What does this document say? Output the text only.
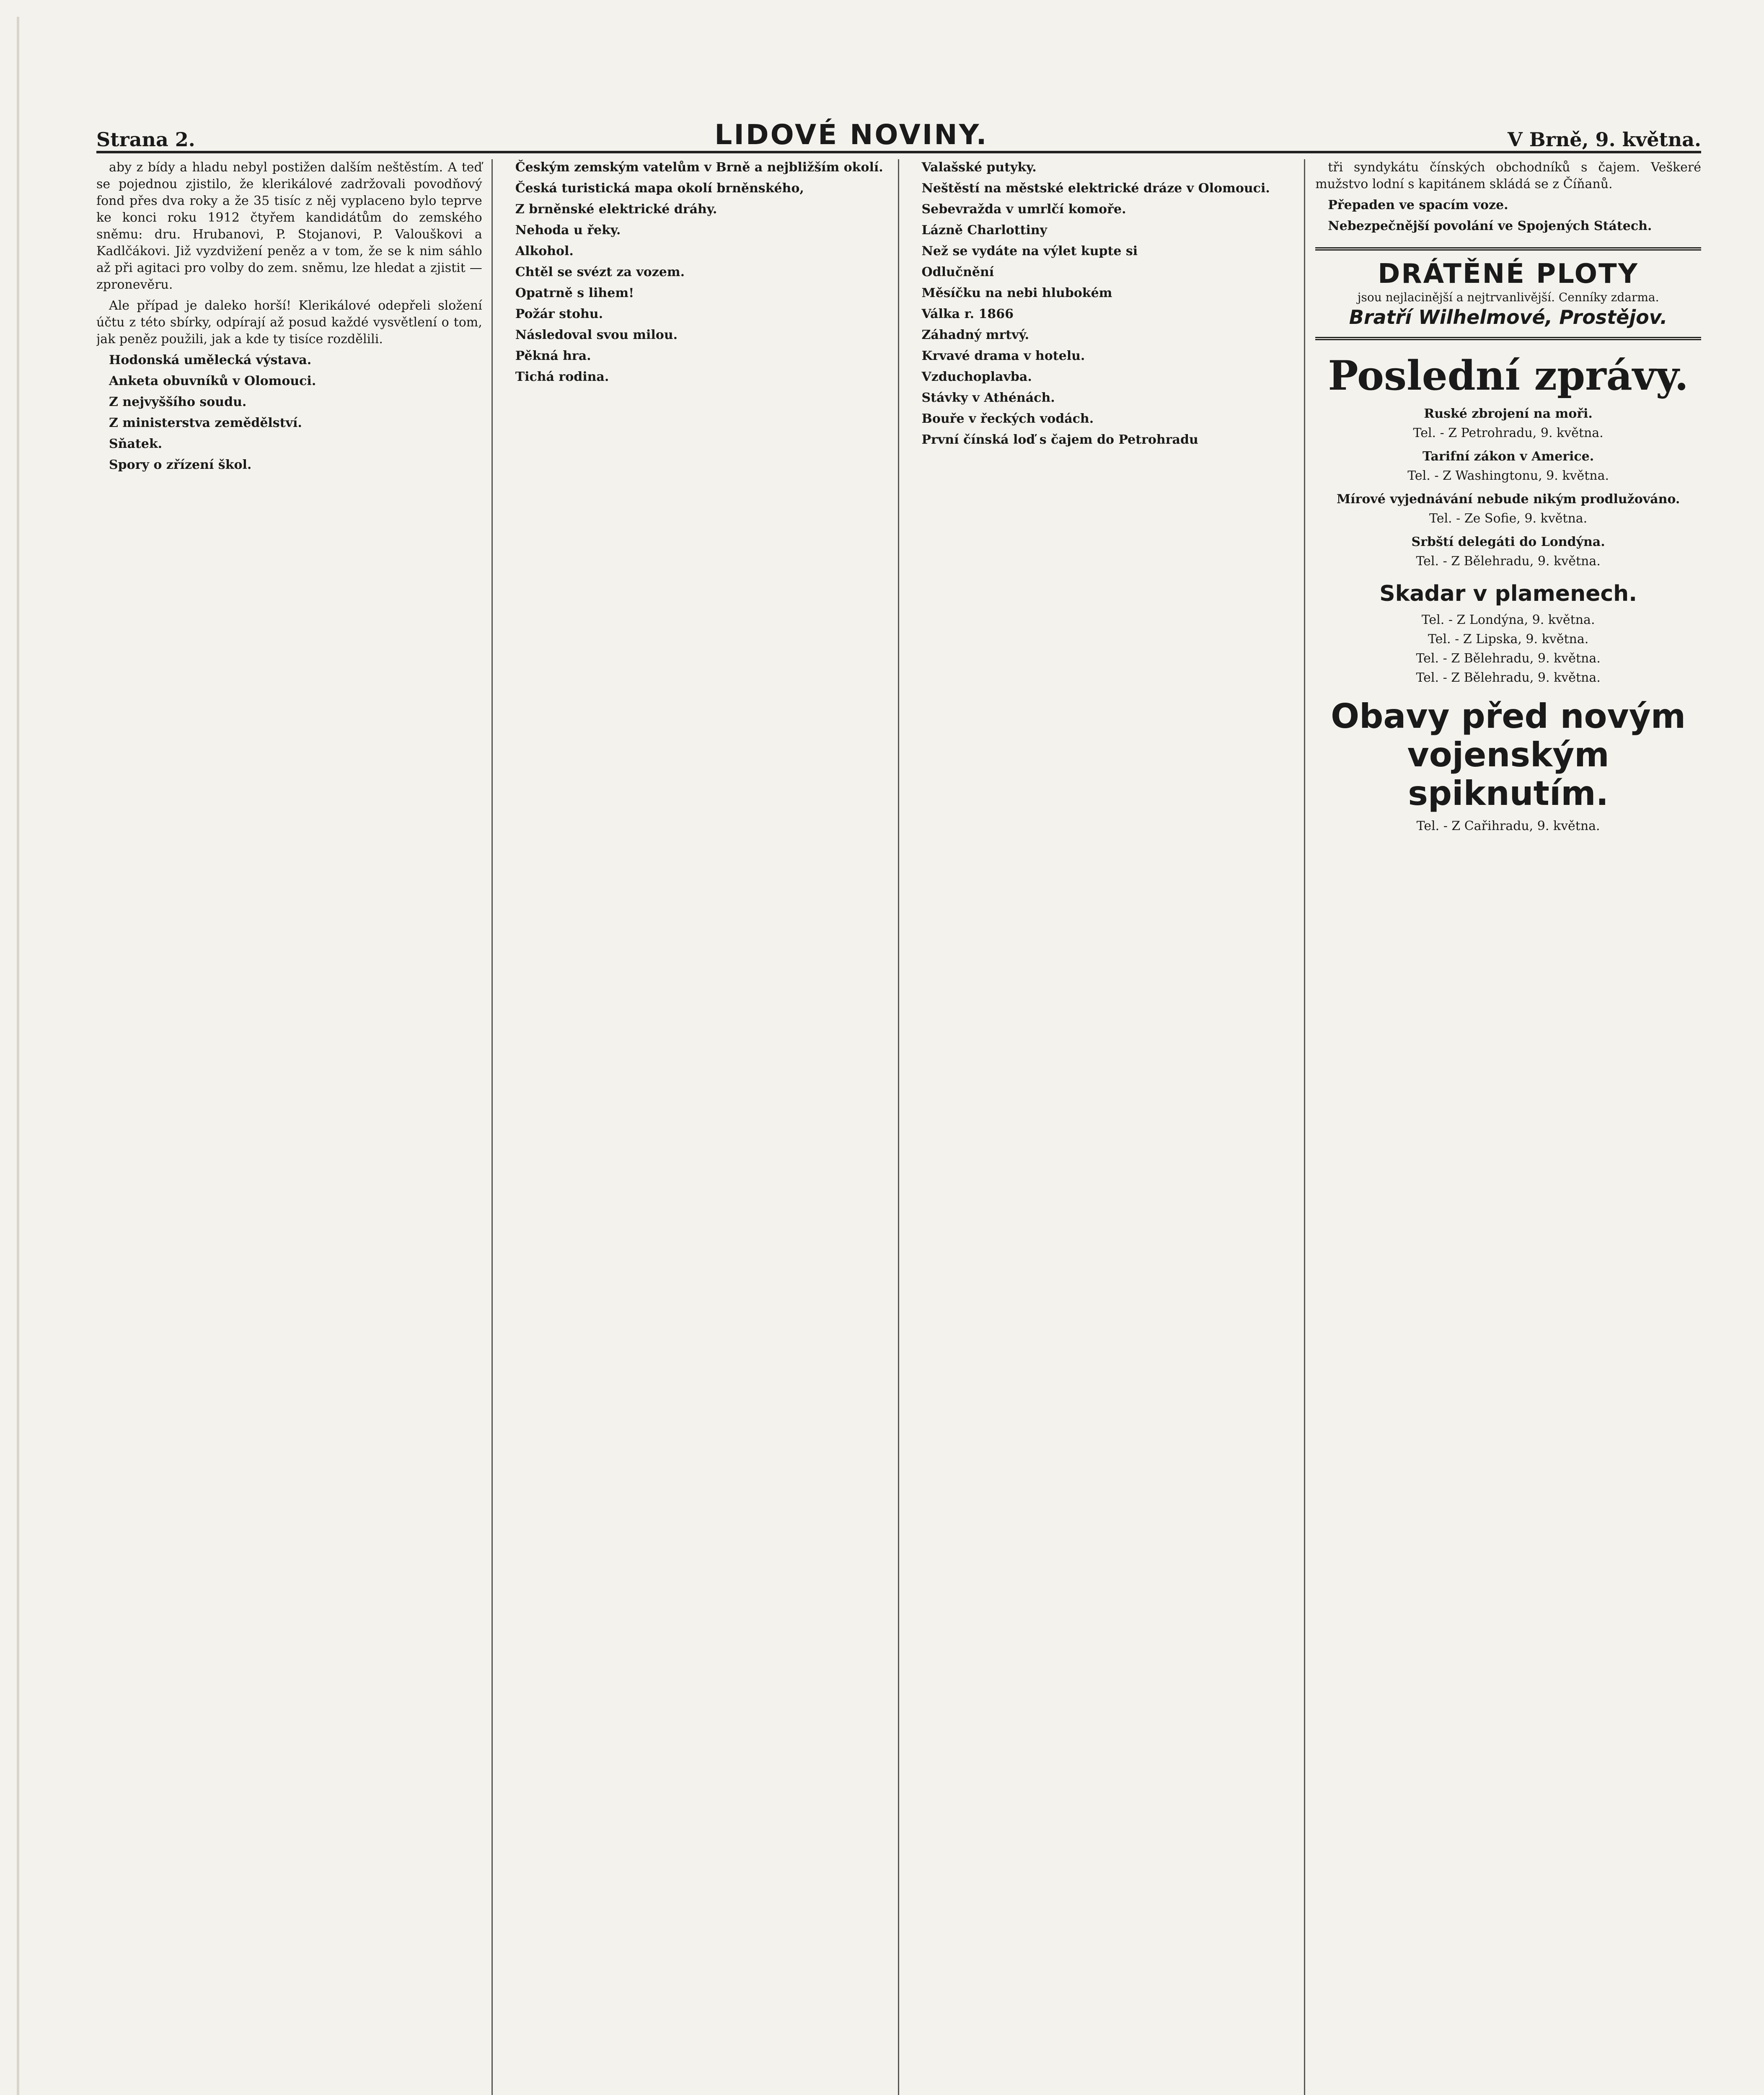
Strana 2.	LIDOVÉ NOVINY.	V Brně, 9. května.

aby z bídy a hladu nebyl postižen dalším neštěstím. A teď se pojednou zjistilo, že klerikálové zadržovali povodňový fond přes dva roky a že 35 tisíc z něj vyplaceno bylo teprve ke konci roku 1912 čtyřem kandidátům do zemského sněmu: dru. Hrubanovi, P. Stojanovi, P. Valouškovi a Kadlčákovi. Již vyzdvižení peněz a v tom, že se k nim sáhlo až při agitaci pro volby do zem. sněmu, lze hledat a zjistit — zpronevěru.

Ale případ je daleko horší! Klerikálové odepřeli složení účtu z této sbírky, odpírají až posud každé vysvětlení o tom, jak peněz použili, jak a kde ty tisíce rozdělili.

Hodonská umělecká výstava.

Anketa obuvníků v Olomouci.

Z nejvyššího soudu.

Z ministerstva zemědělství.

Sňatek.

Spory o zřízení škol.

Českým zemským vatelům v Brně a nejbližším okolí.

Česká turistická mapa okolí brněnského,

Z brněnské elektrické dráhy.

Nehoda u řeky.

Alkohol.

Chtěl se svézt za vozem.

Opatrně s lihem!

Požár stohu.

Následoval svou milou.

Pěkná hra.

Tichá rodina.

Valašské putyky.

Neštěstí na městské elektrické dráze v Olomouci.

Sebevražda v umrlčí komoře.

Lázně Charlottiny

Než se vydáte na výlet kupte si

Odlučnění

Měsíčku na nebi hlubokém

Válka r. 1866

Záhadný mrtvý.

Krvavé drama v hotelu.

Vzduchoplavba.

Stávky v Athénách.

Bouře v řeckých vodách.

První čínská loď s čajem do Petrohradu

tři syndykátu čínských obchodníků s čajem. Veškeré mužstvo lodní s kapitánem skládá se z Číňanů.

Přepaden ve spacím voze.

Nebezpečnější povolání ve Spojených Státech.

DRÁTĚNÉ PLOTY
jsou nejlacinější a nejtrvanlivější. Cenníky zdarma.
Bratří Wilhelmové, Prostějov.
Poslední zprávy.
Ruské zbrojení na moři.
Tel. - Z Petrohradu, 9. května.
Tarifní zákon v Americe.
Tel. - Z Washingtonu, 9. května.
Mírové vyjednávání nebude nikým prodlužováno.
Tel. - Ze Sofie, 9. května.
Srbští delegáti do Londýna.
Tel. - Z Bělehradu, 9. května.
Skadar v plamenech.
Tel. - Z Londýna, 9. května.
Tel. - Z Lipska, 9. května.
Tel. - Z Bělehradu, 9. května.
Tel. - Z Bělehradu, 9. května.
Obavy před novým vojenským spiknutím.
Tel. - Z Cařihradu, 9. května.
